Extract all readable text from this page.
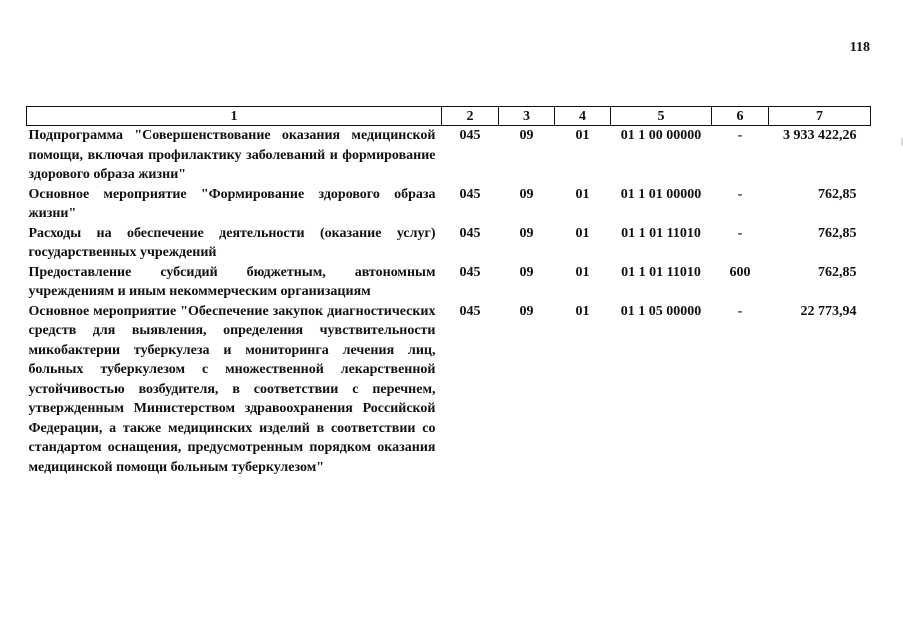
118
1	2	3	4	5	6	7
Подпрограмма "Совершенствование оказания медицинской помощи, включая профилактику заболеваний и формирование здорового образа жизни"	045	09	01	01 1 00 00000	-	3 933 422,26
Основное мероприятие "Формирование здорового образа жизни"	045	09	01	01 1 01 00000	-	762,85
Расходы на обеспечение деятельности (оказание услуг) государственных учреждений	045	09	01	01 1 01 11010	-	762,85
Предоставление субсидий бюджетным, автономным учреждениям и иным некоммерческим организациям	045	09	01	01 1 01 11010	600	762,85
Основное мероприятие "Обеспечение закупок диагностических средств для выявления, определения чувствительности микобактерии туберкулеза и мониторинга лечения лиц, больных туберкулезом с множественной лекарственной устойчивостью возбудителя, в соответствии с перечнем, утвержденным Министерством здравоохранения Российской Федерации, а также медицинских изделий в соответствии со стандартом оснащения, предусмотренным порядком оказания медицинской помощи больным туберкулезом"	045	09	01	01 1 05 00000	-	22 773,94
